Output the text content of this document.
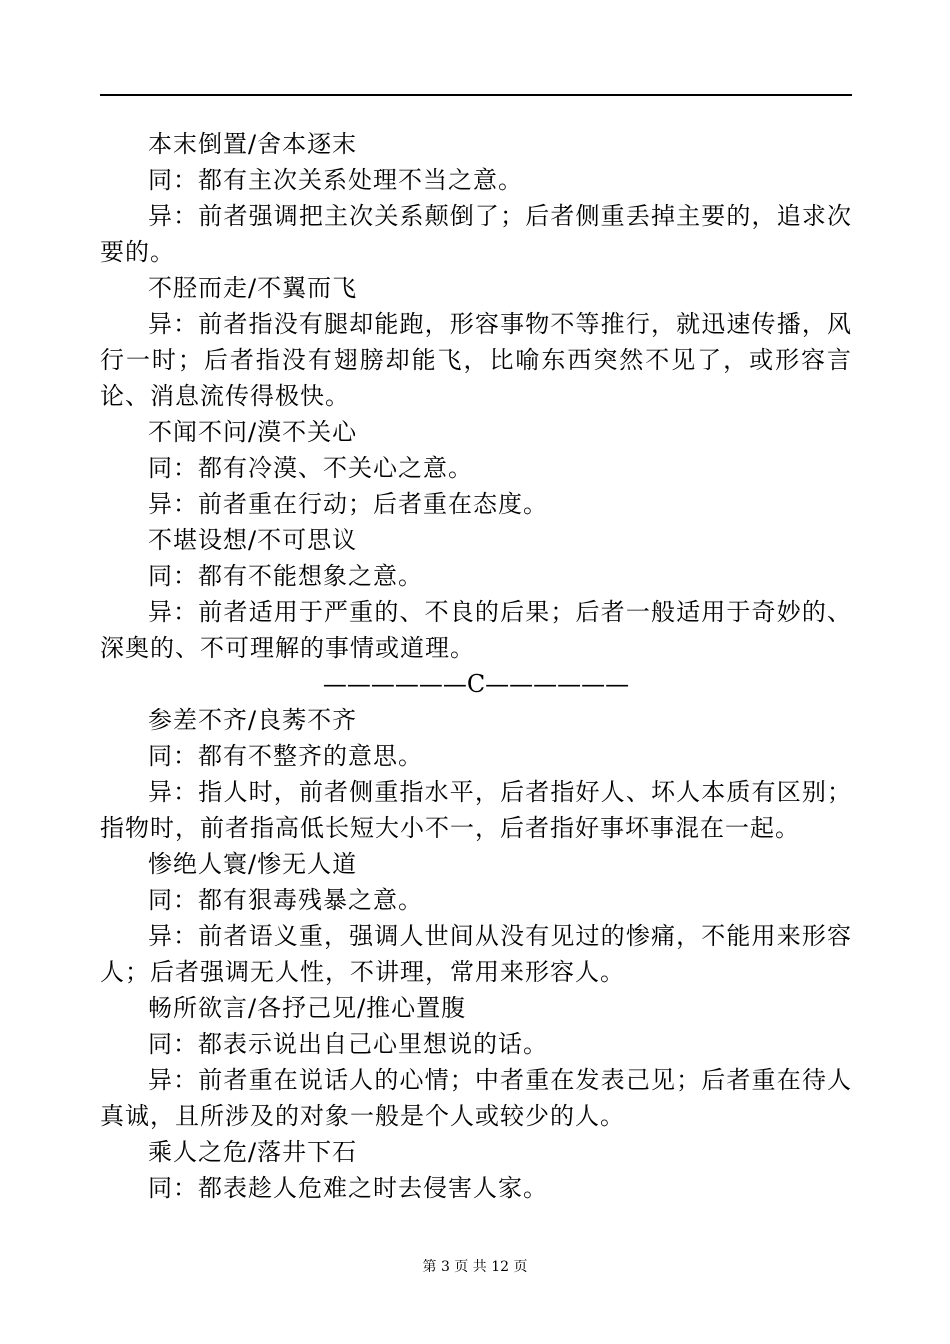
本末倒置/舍本逐末

同：都有主次关系处理不当之意。

异：前者强调把主次关系颠倒了；后者侧重丢掉主要的，追求次要的。

不胫而走/不翼而飞

异：前者指没有腿却能跑，形容事物不等推行，就迅速传播，风行一时；后者指没有翅膀却能飞，比喻东西突然不见了，或形容言论、消息流传得极快。

不闻不问/漠不关心

同：都有冷漠、不关心之意。

异：前者重在行动；后者重在态度。

不堪设想/不可思议

同：都有不能想象之意。

异：前者适用于严重的、不良的后果；后者一般适用于奇妙的、深奥的、不可理解的事情或道理。

——————C——————

参差不齐/良莠不齐

同：都有不整齐的意思。

异：指人时，前者侧重指水平，后者指好人、坏人本质有区别；指物时，前者指高低长短大小不一，后者指好事坏事混在一起。

惨绝人寰/惨无人道

同：都有狠毒残暴之意。

异：前者语义重，强调人世间从没有见过的惨痛，不能用来形容人；后者强调无人性，不讲理，常用来形容人。

畅所欲言/各抒己见/推心置腹

同：都表示说出自己心里想说的话。

异：前者重在说话人的心情；中者重在发表己见；后者重在待人真诚，且所涉及的对象一般是个人或较少的人。

乘人之危/落井下石

同：都表趁人危难之时去侵害人家。

第 3 页 共 12 页
